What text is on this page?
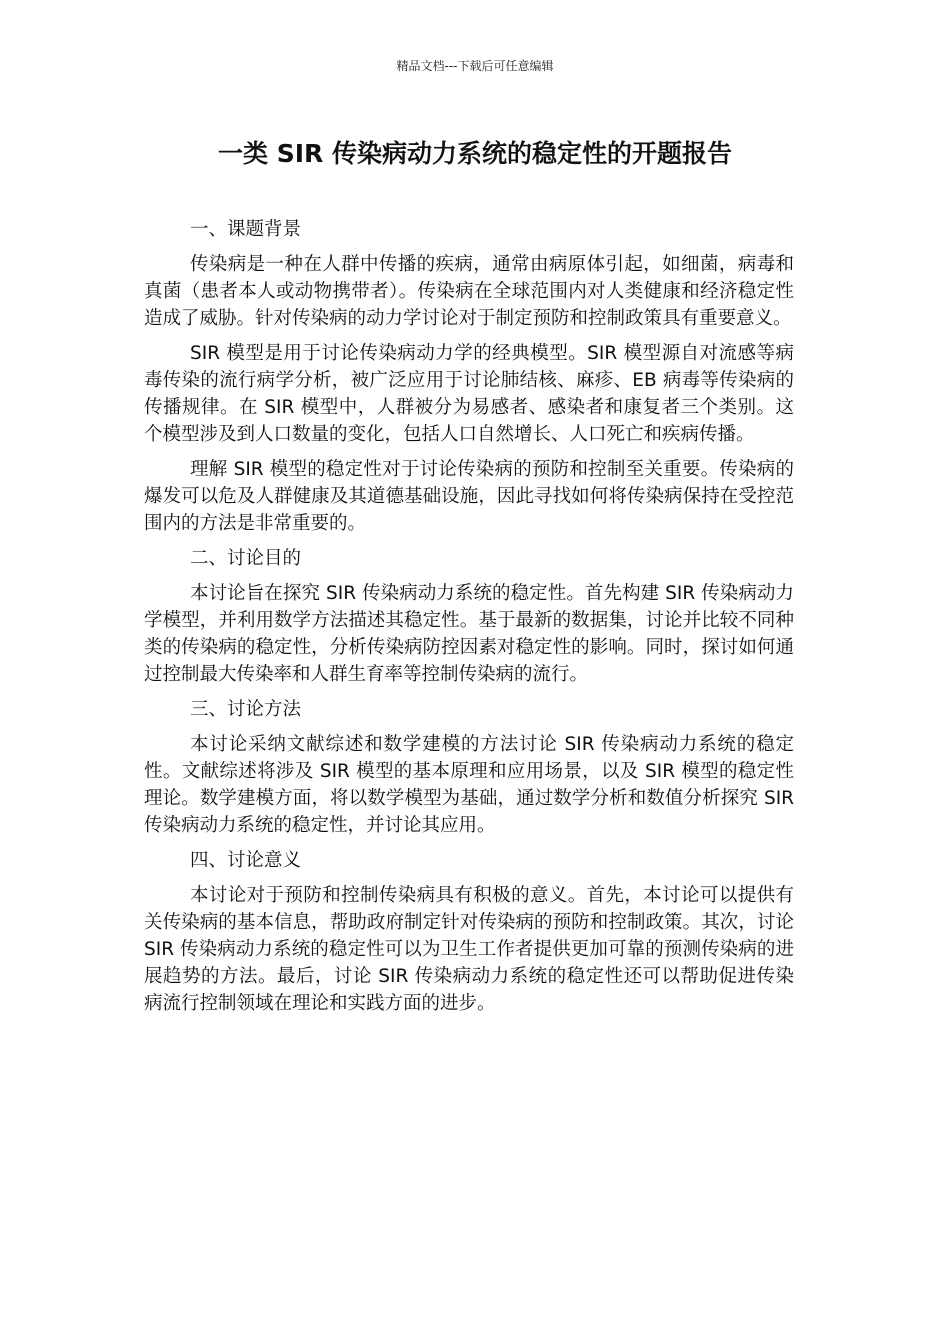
精品文档---下载后可任意编辑
一类 SIR 传染病动力系统的稳定性的开题报告

一、课题背景

传染病是一种在人群中传播的疾病，通常由病原体引起，如细菌，病毒和真菌（患者本人或动物携带者）。传染病在全球范围内对人类健康和经济稳定性造成了威胁。针对传染病的动力学讨论对于制定预防和控制政策具有重要意义。

SIR 模型是用于讨论传染病动力学的经典模型。SIR 模型源自对流感等病毒传染的流行病学分析，被广泛应用于讨论肺结核、麻疹、EB 病毒等传染病的传播规律。在 SIR 模型中，人群被分为易感者、感染者和康复者三个类别。这个模型涉及到人口数量的变化，包括人口自然增长、人口死亡和疾病传播。

理解 SIR 模型的稳定性对于讨论传染病的预防和控制至关重要。传染病的爆发可以危及人群健康及其道德基础设施，因此寻找如何将传染病保持在受控范围内的方法是非常重要的。

二、讨论目的

本讨论旨在探究 SIR 传染病动力系统的稳定性。首先构建 SIR 传染病动力学模型，并利用数学方法描述其稳定性。基于最新的数据集，讨论并比较不同种类的传染病的稳定性，分析传染病防控因素对稳定性的影响。同时，探讨如何通过控制最大传染率和人群生育率等控制传染病的流行。

三、讨论方法

本讨论采纳文献综述和数学建模的方法讨论 SIR 传染病动力系统的稳定性。文献综述将涉及 SIR 模型的基本原理和应用场景，以及 SIR 模型的稳定性理论。数学建模方面，将以数学模型为基础，通过数学分析和数值分析探究 SIR 传染病动力系统的稳定性，并讨论其应用。

四、讨论意义

本讨论对于预防和控制传染病具有积极的意义。首先，本讨论可以提供有关传染病的基本信息，帮助政府制定针对传染病的预防和控制政策。其次，讨论 SIR 传染病动力系统的稳定性可以为卫生工作者提供更加可靠的预测传染病的进展趋势的方法。最后，讨论 SIR 传染病动力系统的稳定性还可以帮助促进传染病流行控制领域在理论和实践方面的进步。
